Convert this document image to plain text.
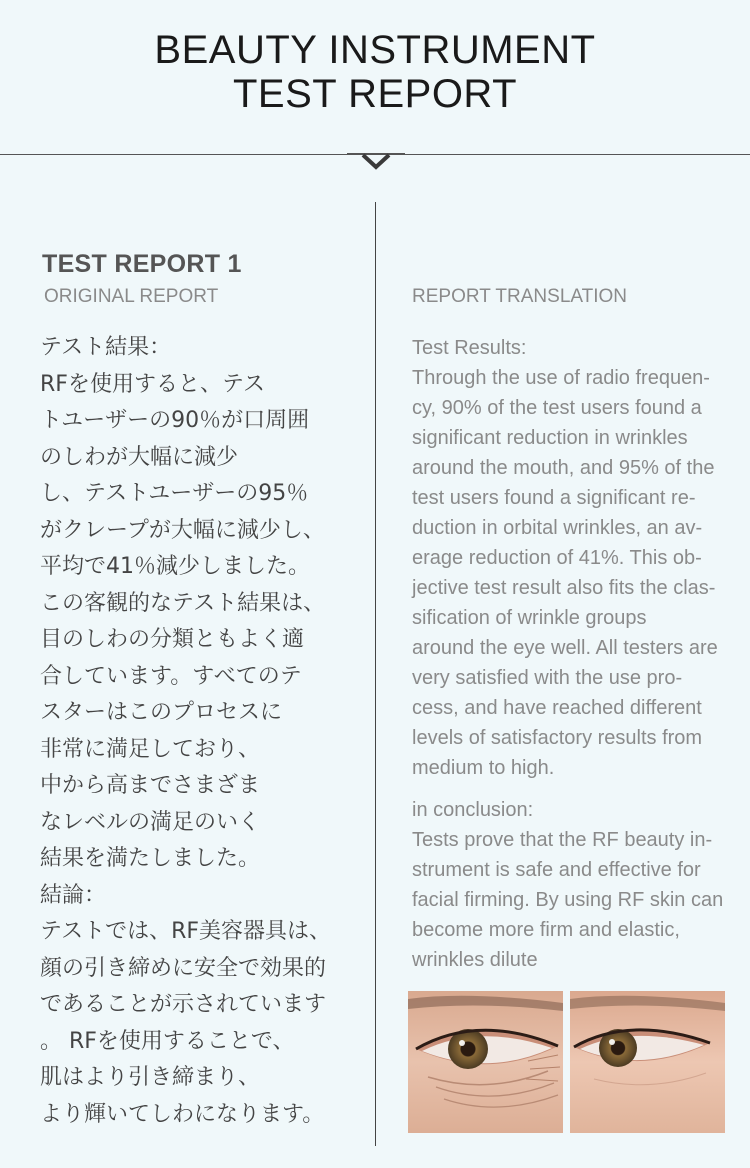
BEAUTY INSTRUMENT
TEST REPORT
TEST REPORT 1
ORIGINAL REPORT	REPORT TRANSLATION
テスト結果：
RFを使用すると、テス
トユーザーの90％が口周囲
のしわが大幅に減少
し、テストユーザーの95％
がクレープが大幅に減少し、
平均で41％減少しました。
この客観的なテスト結果は、
目のしわの分類ともよく適
合しています。すべてのテ
スターはこのプロセスに
非常に満足しており、
中から高までさまざま
なレベルの満足のいく
結果を満たしました。
結論：
テストでは、RF美容器具は、
顔の引き締めに安全で効果的
であることが示されています
。 RFを使用することで、
肌はより引き締まり、
より輝いてしわになります。
Test Results:
Through the use of radio frequen-
cy, 90% of the test users found a
significant reduction in wrinkles
around the mouth, and 95% of the
test users found a significant re-
duction in orbital wrinkles, an av-
erage reduction of 41%. This ob-
jective test result also fits the clas-
sification of wrinkle groups
around the eye well. All testers are
very satisfied with the use pro-
cess, and have reached different
levels of satisfactory results from
medium to high.
in conclusion:
Tests prove that the RF beauty in-
strument is safe and effective for
facial firming. By using RF skin can
become more firm and elastic,
wrinkles dilute
